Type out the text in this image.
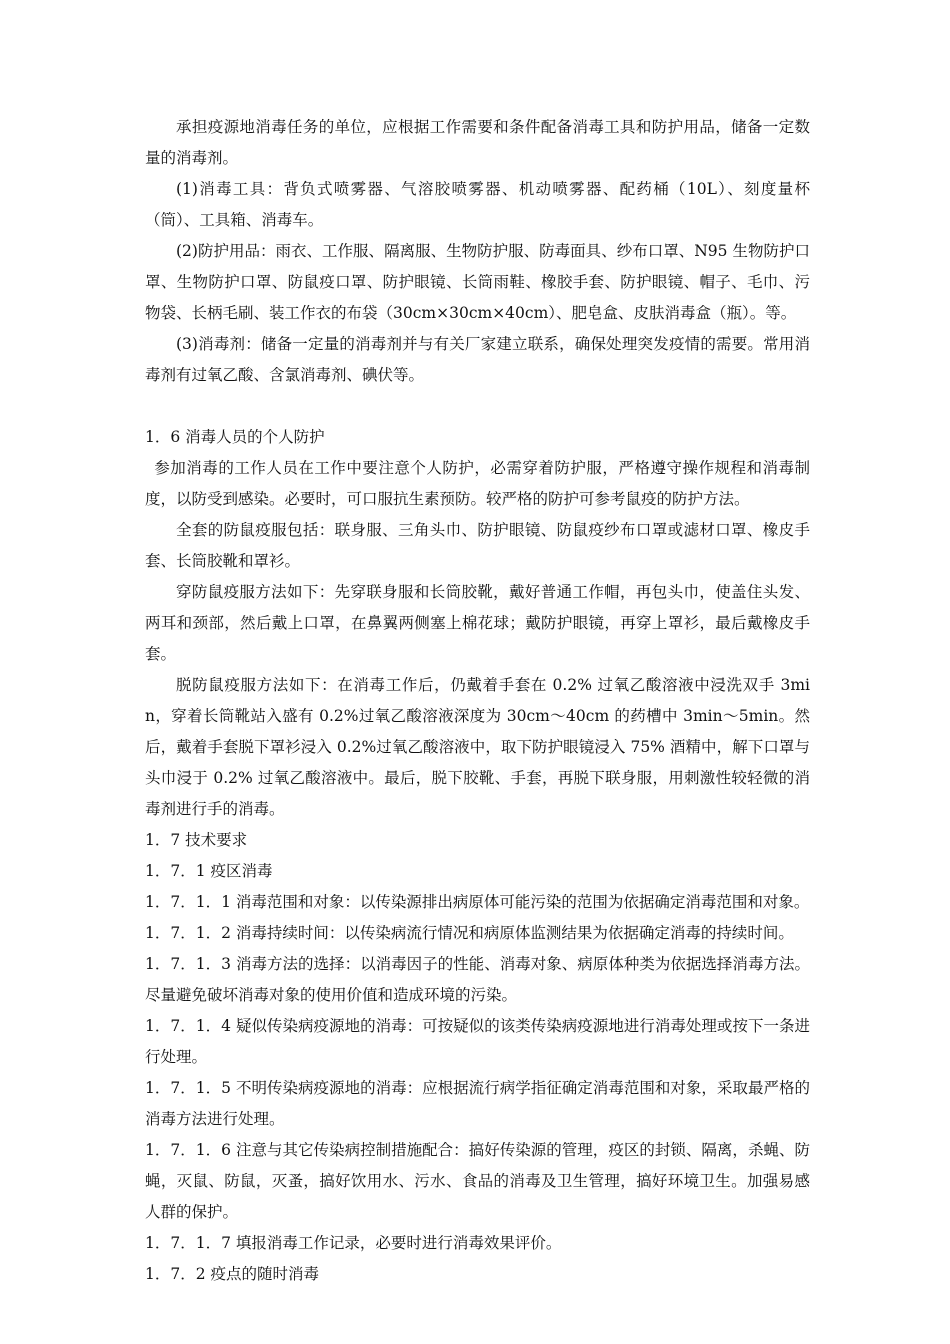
承担疫源地消毒任务的单位，应根据工作需要和条件配备消毒工具和防护用品，储备一定数量的消毒剂。

(1)消毒工具：背负式喷雾器、气溶胶喷雾器、机动喷雾器、配药桶（10L）、刻度量杯（筒）、工具箱、消毒车。

(2)防护用品：雨衣、工作服、隔离服、生物防护服、防毒面具、纱布口罩、N95 生物防护口罩、生物防护口罩、防鼠疫口罩、防护眼镜、长筒雨鞋、橡胶手套、防护眼镜、帽子、毛巾、污物袋、长柄毛刷、装工作衣的布袋（30cm×30cm×40cm）、肥皂盒、皮肤消毒盒（瓶）。等。

(3)消毒剂：储备一定量的消毒剂并与有关厂家建立联系，确保处理突发疫情的需要。常用消毒剂有过氧乙酸、含氯消毒剂、碘伏等。

1．6 消毒人员的个人防护

参加消毒的工作人员在工作中要注意个人防护，必需穿着防护服，严格遵守操作规程和消毒制度，以防受到感染。必要时，可口服抗生素预防。较严格的防护可参考鼠疫的防护方法。

全套的防鼠疫服包括：联身服、三角头巾、防护眼镜、防鼠疫纱布口罩或滤材口罩、橡皮手套、长筒胶靴和罩衫。

穿防鼠疫服方法如下：先穿联身服和长筒胶靴，戴好普通工作帽，再包头巾，使盖住头发、两耳和颈部，然后戴上口罩，在鼻翼两侧塞上棉花球；戴防护眼镜，再穿上罩衫，最后戴橡皮手套。

脱防鼠疫服方法如下：在消毒工作后，仍戴着手套在 0.2% 过氧乙酸溶液中浸洗双手 3min，穿着长筒靴站入盛有 0.2%过氧乙酸溶液深度为 30cm～40cm 的药槽中 3min～5min。然后，戴着手套脱下罩衫浸入 0.2%过氧乙酸溶液中，取下防护眼镜浸入 75% 酒精中，解下口罩与头巾浸于 0.2% 过氧乙酸溶液中。最后，脱下胶靴、手套，再脱下联身服，用刺激性较轻微的消毒剂进行手的消毒。

1．7 技术要求

1．7．1 疫区消毒

1．7．1．1 消毒范围和对象：以传染源排出病原体可能污染的范围为依据确定消毒范围和对象。

1．7．1．2 消毒持续时间：以传染病流行情况和病原体监测结果为依据确定消毒的持续时间。

1．7．1．3 消毒方法的选择：以消毒因子的性能、消毒对象、病原体种类为依据选择消毒方法。尽量避免破坏消毒对象的使用价值和造成环境的污染。

1．7．1．4 疑似传染病疫源地的消毒：可按疑似的该类传染病疫源地进行消毒处理或按下一条进行处理。

1．7．1．5 不明传染病疫源地的消毒：应根据流行病学指征确定消毒范围和对象，采取最严格的消毒方法进行处理。

1．7．1．6 注意与其它传染病控制措施配合：搞好传染源的管理，疫区的封锁、隔离，杀蝇、防蝇，灭鼠、防鼠，灭蚤，搞好饮用水、污水、食品的消毒及卫生管理，搞好环境卫生。加强易感人群的保护。

1．7．1．7 填报消毒工作记录，必要时进行消毒效果评价。

1．7．2 疫点的随时消毒
